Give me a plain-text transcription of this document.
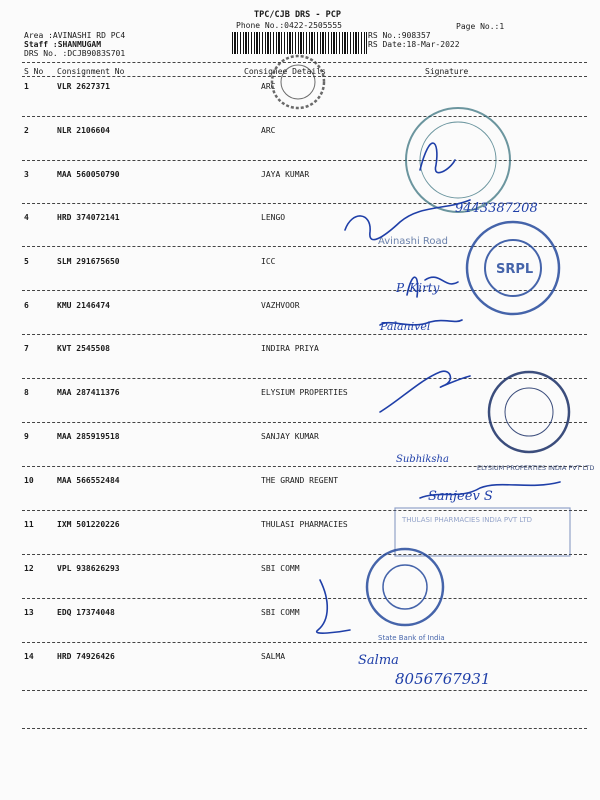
TPC/CJB DRS - PCP
Phone No.:0422-2505555	Page No.:1
Area :AVINASHI RD PC4
Staff :SHANMUGAM
DRS No. :DCJB9083S701
RS No.:908357
RS Date:18-Mar-2022
S No Consignment No	Consignee Details	Signature
1	VLR 2627371	ARC
2	NLR 2106604	ARC
3	MAA 560050790	JAYA KUMAR
4	HRD 374072141	LENGO
5	SLM 291675650	ICC
6	KMU 2146474	VAZHVOOR
7	KVT 2545508	INDIRA PRIYA
8	MAA 287411376	ELYSIUM PROPERTIES
9	MAA 285919518	SANJAY KUMAR
10	MAA 566552484	THE GRAND REGENT
11	IXM 501220226	THULASI PHARMACIES
12	VPL 938626293	SBI COMM
13	EDQ 17374048	SBI COMM
14	HRD 74926426	SALMA
Avinashi Road
SRPL
ELYSIUM PROPERTIES INDIA PVT LTD
THULASI PHARMACIES INDIA PVT LTD
State Bank of India
9443387208
P. Kirty
Palanivel
Subhiksha
Sanjeev S
Salma
8056767931
